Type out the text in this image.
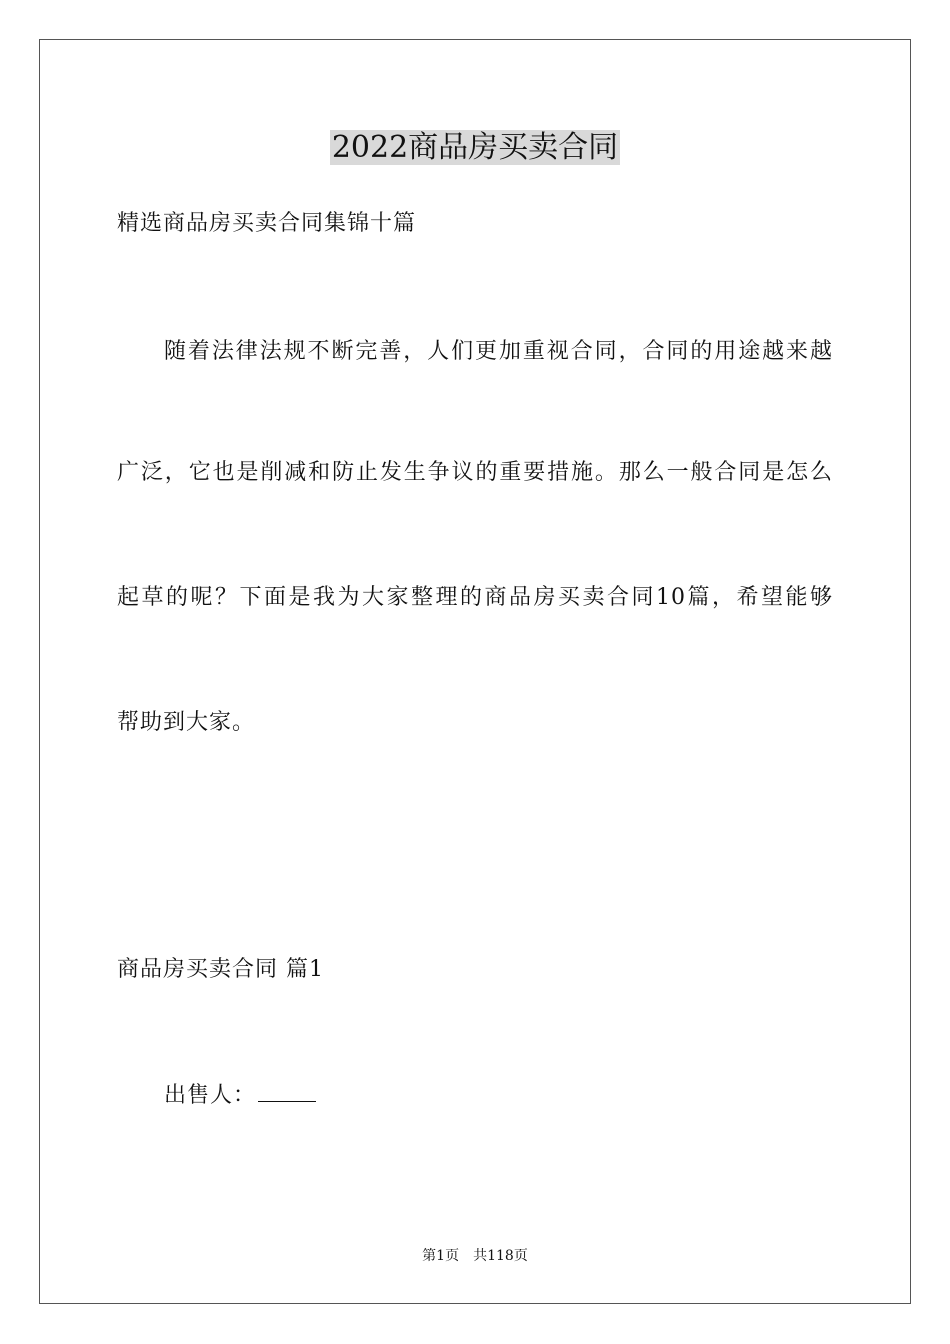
2022商品房买卖合同
精选商品房买卖合同集锦十篇
随着法律法规不断完善，人们更加重视合同，合同的用途越来越
广泛，它也是削减和防止发生争议的重要措施。那么一般合同是怎么
起草的呢？下面是我为大家整理的商品房买卖合同10篇，希望能够
帮助到大家。
商品房买卖合同 篇1
出售人：
第1页 共118页
